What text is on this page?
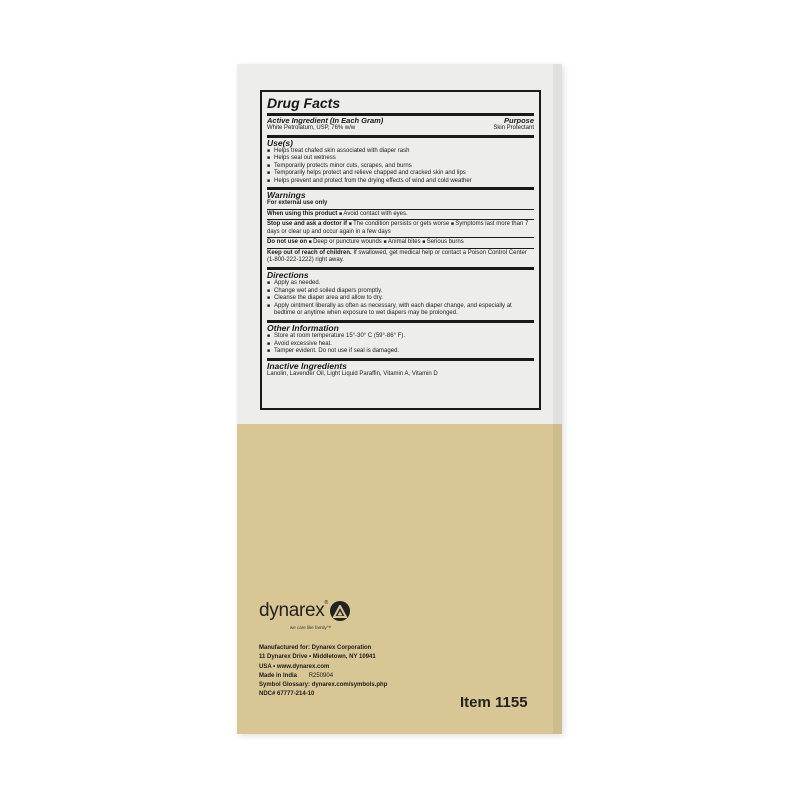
Drug Facts
Active Ingredient (In Each Gram)	Purpose
White Petrolatum, USP, 76% w/w	Skin Protectant
Use(s)
■ Helps treat chafed skin associated with diaper rash
■ Helps seal out wetness
■ Temporarily protects minor cuts, scrapes, and burns
■ Temporarily helps protect and relieve chapped and cracked skin and lips
■ Helps prevent and protect from the drying effects of wind and cold weather
Warnings
For external use only
When using this product ■ Avoid contact with eyes.
Stop use and ask a doctor if ■ The condition persists or gets worse ■ Symptoms last more than 7 days or clear up and occur again in a few days
Do not use on ■ Deep or puncture wounds ■ Animal bites ■ Serious burns
Keep out of reach of children. If swallowed, get medical help or contact a Poison Control Center (1-800-222-1222) right away.
Directions
■ Apply as needed.
■ Change wet and soiled diapers promptly.
■ Cleanse the diaper area and allow to dry.
■ Apply ointment liberally as often as necessary, with each diaper change, and especially at bedtime or anytime when exposure to wet diapers may be prolonged.
Other Information
■ Store at room temperature 15°-30° C (59°-86° F).
■ Avoid excessive heat.
■ Tamper evident. Do not use if seal is damaged.
Inactive Ingredients
Lanolin, Lavender Oil, Light Liquid Paraffin, Vitamin A, Vitamin D
dynarex ®
we care like family™
Manufactured for: Dynarex Corporation
11 Dynarex Drive • Middletown, NY 10941
USA • www.dynarex.com
Made in India R250904
Symbol Glossary: dynarex.com/symbols.php
NDC# 67777-214-10	Item 1155
